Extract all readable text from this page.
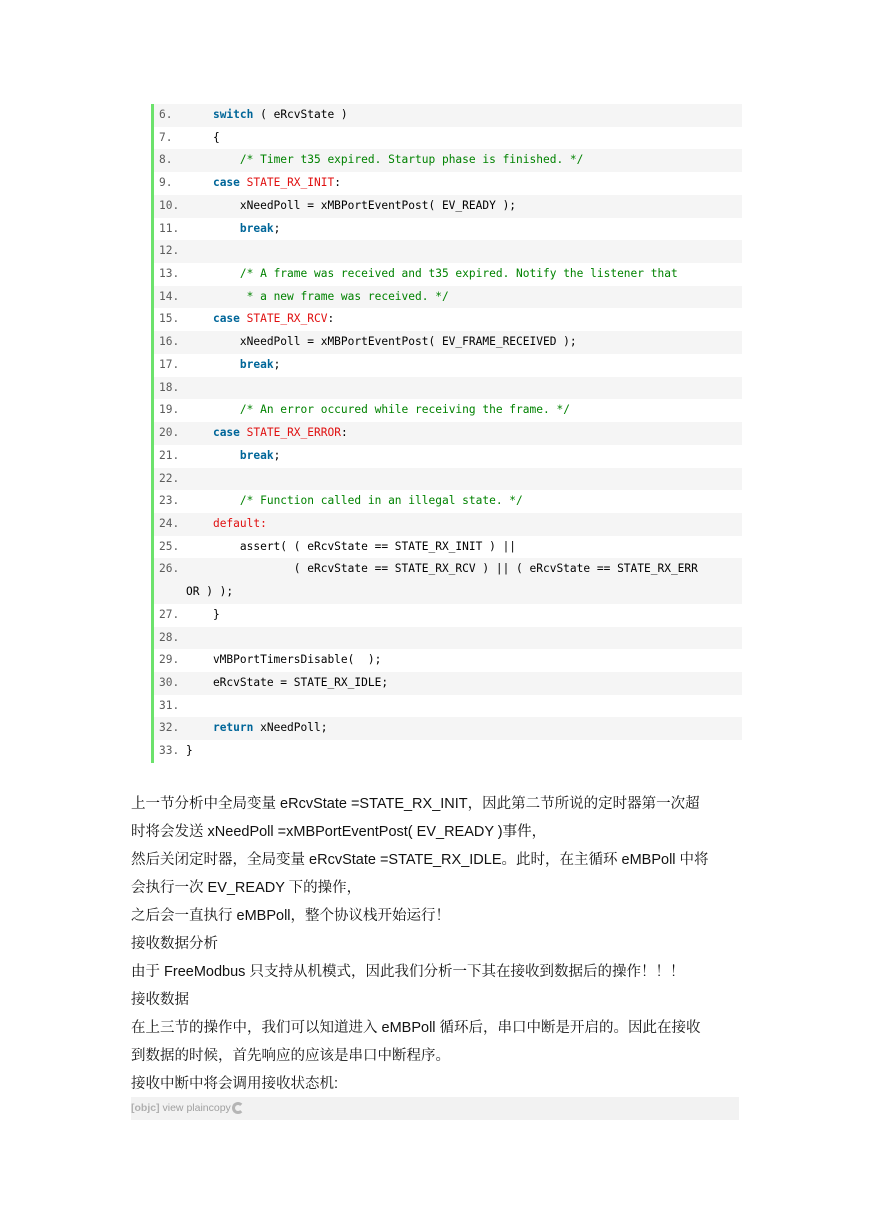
6.	switch ( eRcvState )
7. {
8.	/* Timer t35 expired. Startup phase is finished. */
9.	case STATE_RX_INIT:
10. xNeedPoll = xMBPortEventPost( EV_READY );
11.	break;
12.
13.	/* A frame was received and t35 expired. Notify the listener that
14.	* a new frame was received. */
15.	case STATE_RX_RCV:
16. xNeedPoll = xMBPortEventPost( EV_FRAME_RECEIVED );
17.	break;
18.
19.	/* An error occured while receiving the frame. */
20.	case STATE_RX_ERROR:
21.	break;
22.
23.	/* Function called in an illegal state. */
24.	default:
25. assert( ( eRcvState == STATE_RX_INIT ) ||
26. ( eRcvState == STATE_RX_RCV ) || ( eRcvState == STATE_RX_ERR
OR ) );
27. }
28.
29. vMBPortTimersDisable(  );
30. eRcvState = STATE_RX_IDLE;
31.
32.	return xNeedPoll;
33. }

上一节分析中全局变量 eRcvState =STATE_RX_INIT，因此第二节所说的定时器第一次超

时将会发送 xNeedPoll =xMBPortEventPost( EV_READY )事件，

然后关闭定时器，全局变量 eRcvState =STATE_RX_IDLE。此时，在主循环 eMBPoll 中将

会执行一次 EV_READY 下的操作，

之后会一直执行 eMBPoll，整个协议栈开始运行！

接收数据分析

由于 FreeModbus 只支持从机模式，因此我们分析一下其在接收到数据后的操作！！！

接收数据

在上三节的操作中，我们可以知道进入 eMBPoll 循环后，串口中断是开启的。因此在接收

到数据的时候，首先响应的应该是串口中断程序。

接收中断中将会调用接收状态机:

[objc] view plaincopy
